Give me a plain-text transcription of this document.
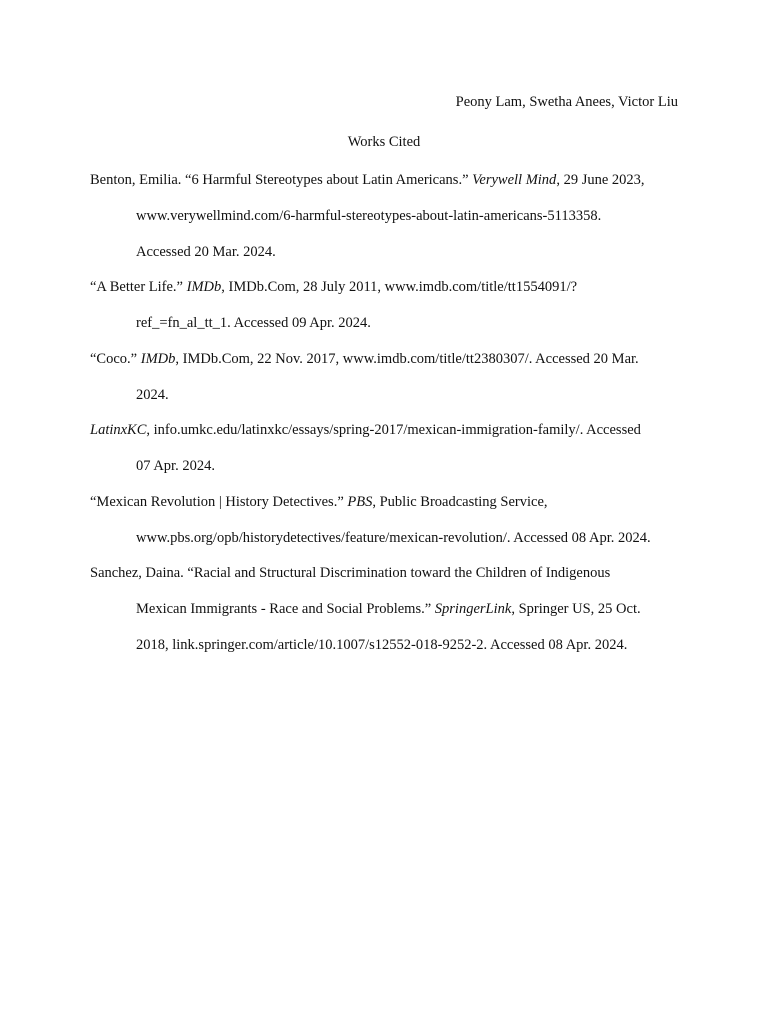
Peony Lam, Swetha Anees, Victor Liu
Works Cited
Benton, Emilia. “6 Harmful Stereotypes about Latin Americans.” Verywell Mind, 29 June 2023,
www.verywellmind.com/6-harmful-stereotypes-about-latin-americans-5113358.
Accessed 20 Mar. 2024.
“A Better Life.” IMDb, IMDb.Com, 28 July 2011, www.imdb.com/title/tt1554091/?
ref_=fn_al_tt_1. Accessed 09 Apr. 2024.
“Coco.” IMDb, IMDb.Com, 22 Nov. 2017, www.imdb.com/title/tt2380307/. Accessed 20 Mar.
2024.
LatinxKC, info.umkc.edu/latinxkc/essays/spring-2017/mexican-immigration-family/. Accessed
07 Apr. 2024.
“Mexican Revolution | History Detectives.” PBS, Public Broadcasting Service,
www.pbs.org/opb/historydetectives/feature/mexican-revolution/. Accessed 08 Apr. 2024.
Sanchez, Daina. “Racial and Structural Discrimination toward the Children of Indigenous
Mexican Immigrants - Race and Social Problems.” SpringerLink, Springer US, 25 Oct.
2018, link.springer.com/article/10.1007/s12552-018-9252-2. Accessed 08 Apr. 2024.
